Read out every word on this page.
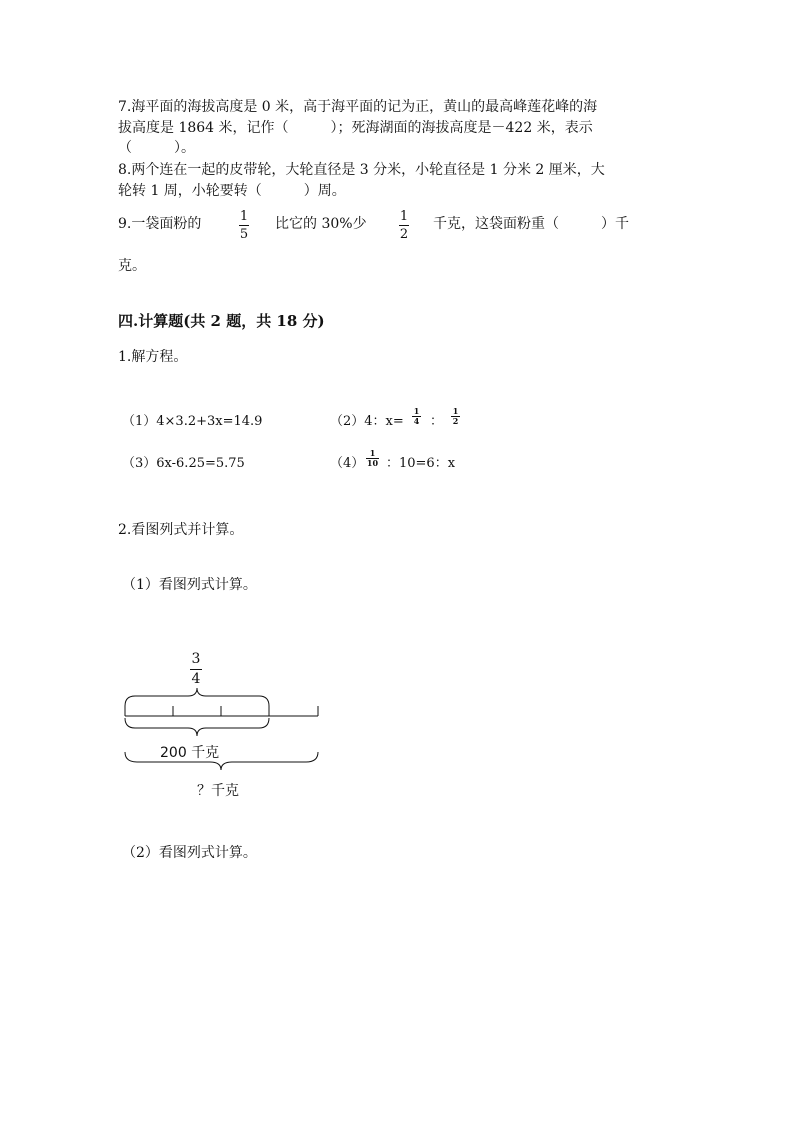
7.海平面的海拔高度是 0 米，高于海平面的记为正，黄山的最高峰莲花峰的海
拔高度是 1864 米，记作（　　　）；死海湖面的海拔高度是－422 米，表示
（　　　）。
8.两个连在一起的皮带轮，大轮直径是 3 分米，小轮直径是 1 分米 2 厘米，大
轮转 1 周，小轮要转（　　　）周。
9.一袋面粉的	1
5
比它的 30%少	1
2
千克，这袋面粉重（　　　）千
克。
四.计算题(共 2 题，共 18 分)
1.解方程。
（1）4×3.2+3x=14.9	（2）4：x=
1
4 ：
1
2
（3）6x-6.25=5.75	（4）
1
10 ：10=6：x
2.看图列式并计算。
（1）看图列式计算。
3
4
200 千克
？千克
（2）看图列式计算。
